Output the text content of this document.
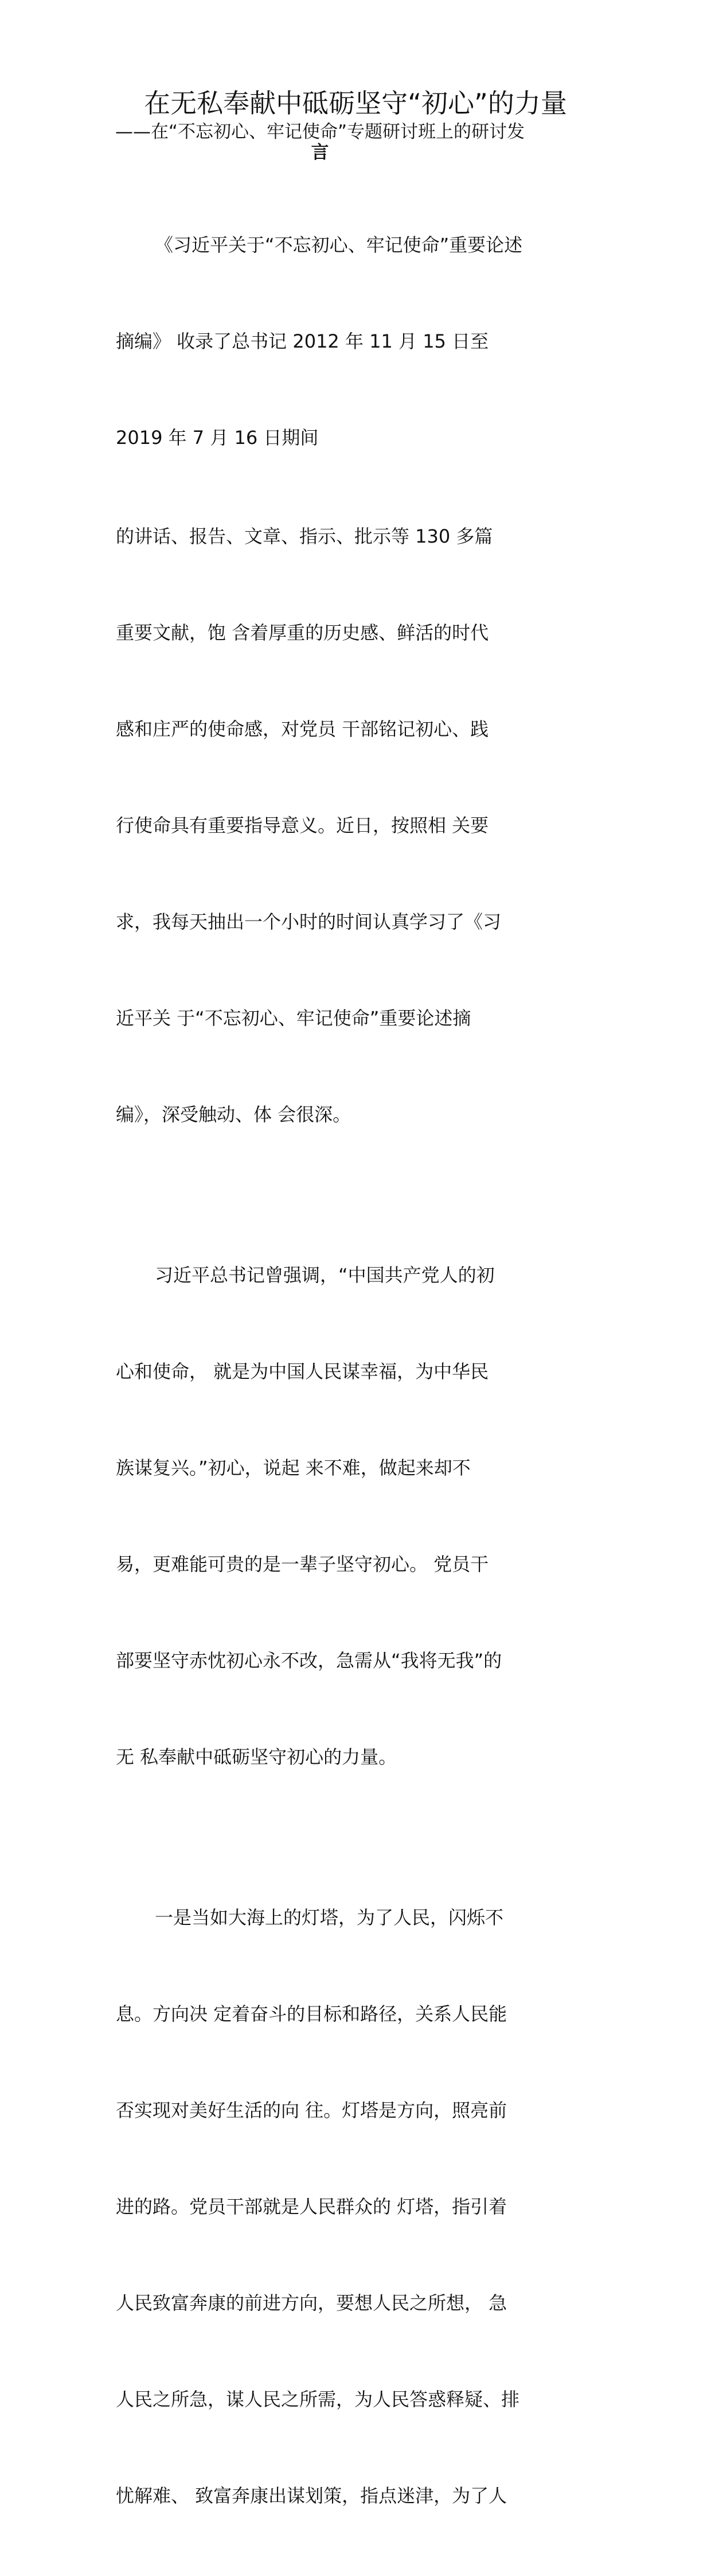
在无私奉献中砥砺坚守“初心”的力量
——在“不忘初心、牢记使命”专题研讨班上的研讨发
言

《习近平关于“不忘初心、牢记使命”重要论述

摘编》 收录了总书记 2012 年 11 月 15 日至

2019 年 7 月 16 日期间

的讲话、报告、文章、指示、批示等 130 多篇

重要文献，饱 含着厚重的历史感、鲜活的时代

感和庄严的使命感，对党员 干部铭记初心、践

行使命具有重要指导意义。近日，按照相 关要

求，我每天抽出一个小时的时间认真学习了《习

近平关 于“不忘初心、牢记使命”重要论述摘

编》，深受触动、体 会很深。

习近平总书记曾强调，“中国共产党人的初

心和使命， 就是为中国人民谋幸福，为中华民

族谋复兴。”初心，说起 来不难，做起来却不

易，更难能可贵的是一辈子坚守初心。 党员干

部要坚守赤忱初心永不改，急需从“我将无我”的

无 私奉献中砥砺坚守初心的力量。

一是当如大海上的灯塔，为了人民，闪烁不

息。方向决 定着奋斗的目标和路径，关系人民能

否实现对美好生活的向 往。灯塔是方向，照亮前

进的路。党员干部就是人民群众的 灯塔，指引着

人民致富奔康的前进方向，要想人民之所想， 急

人民之所急，谋人民之所需，为人民答惑释疑、排

忧解难、 致富奔康出谋划策，指点迷津，为了人
